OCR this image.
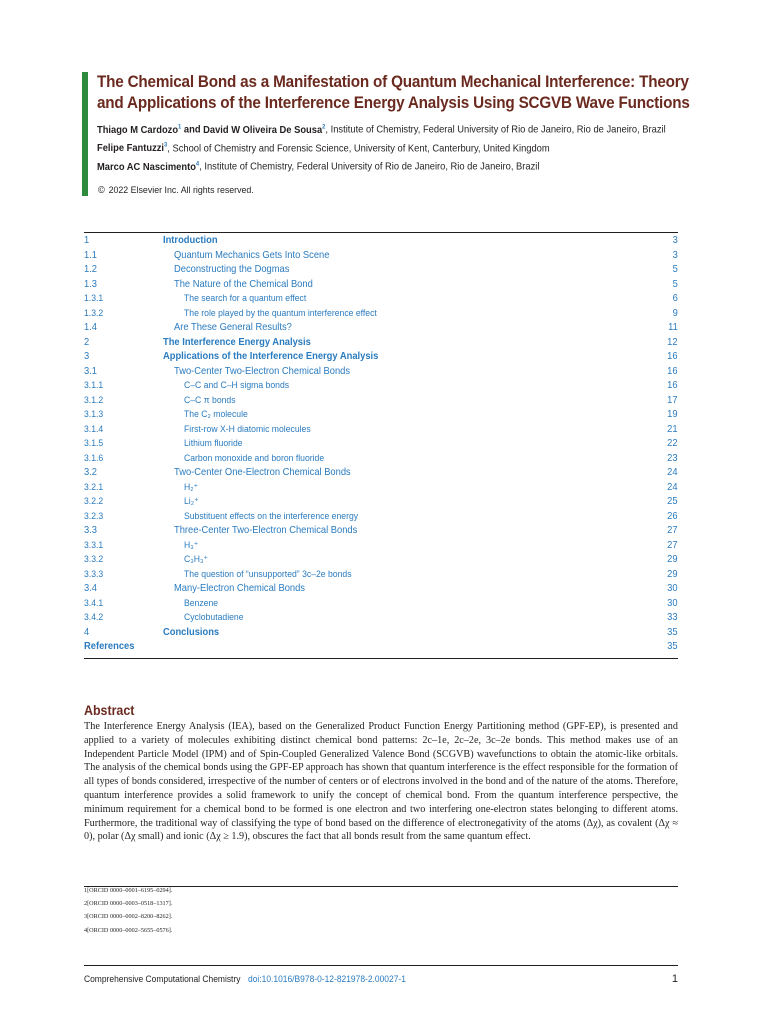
The Chemical Bond as a Manifestation of Quantum Mechanical Interference: Theory and Applications of the Interference Energy Analysis Using SCGVB Wave Functions
Thiago M Cardozo$^1$ and David W Oliveira De Sousa$^2$, Institute of Chemistry, Federal University of Rio de Janeiro, Rio de Janeiro, Brazil
Felipe Fantuzzi$^3$, School of Chemistry and Forensic Science, University of Kent, Canterbury, United Kingdom
Marco AC Nascimento$^4$, Institute of Chemistry, Federal University of Rio de Janeiro, Rio de Janeiro, Brazil
© 2022 Elsevier Inc. All rights reserved.
1	Introduction	3
1.1	Quantum Mechanics Gets Into Scene	3
1.2	Deconstructing the Dogmas	5
1.3	The Nature of the Chemical Bond	5
1.3.1	The search for a quantum effect	6
1.3.2	The role played by the quantum interference effect	9
1.4	Are These General Results?	11
2	The Interference Energy Analysis	12
3	Applications of the Interference Energy Analysis	16
3.1	Two-Center Two-Electron Chemical Bonds	16
3.1.1	C–C and C–H sigma bonds	16
3.1.2	C–C π bonds	17
3.1.3	The C₂ molecule	19
3.1.4	First-row X-H diatomic molecules	21
3.1.5	Lithium fluoride	22
3.1.6	Carbon monoxide and boron fluoride	23
3.2	Two-Center One-Electron Chemical Bonds	24
3.2.1	H₂⁺	24
3.2.2	Li₂⁺	25
3.2.3	Substituent effects on the interference energy	26
3.3	Three-Center Two-Electron Chemical Bonds	27
3.3.1	H₃⁺	27
3.3.2	C₃H₃⁺	29
3.3.3	The question of “unsupported” 3c–2e bonds	29
3.4	Many-Electron Chemical Bonds	30
3.4.1	Benzene	30
3.4.2	Cyclobutadiene	33
4	Conclusions	35
References	35
Abstract

The Interference Energy Analysis (IEA), based on the Generalized Product Function Energy Partitioning method (GPF-EP), is presented and applied to a variety of molecules exhibiting distinct chemical bond patterns: 2c–1e, 2c–2e, 3c–2e bonds. This method makes use of an Independent Particle Model (IPM) and of Spin-Coupled Generalized Valence Bond (SCGVB) wavefunctions to obtain the atomic-like orbitals. The analysis of the chemical bonds using the GPF-EP approach has shown that quantum interference is the effect responsible for the formation of all types of bonds considered, irrespective of the number of centers or of electrons involved in the bond and of the nature of the atoms. Therefore, quantum interference provides a solid framework to unify the concept of chemical bond. From the quantum interference perspective, the minimum requirement for a chemical bond to be formed is one electron and two interfering one-electron states belonging to different atoms. Furthermore, the traditional way of classifying the type of bond based on the difference of electronegativity of the atoms (Δχ), as covalent (Δχ ≈ 0), polar (Δχ small) and ionic (Δχ ≥ 1.9), obscures the fact that all bonds result from the same quantum effect.

1[ORCID 0000–0001–6195–0294].
2[ORCID 0000–0003–0518–1317].
3[ORCID 0000–0002–8200–8262].
4[ORCID 0000–0002–5655–0576].
Comprehensive Computational Chemistry doi:10.1016/B978-0-12-821978-2.00027-1	1
